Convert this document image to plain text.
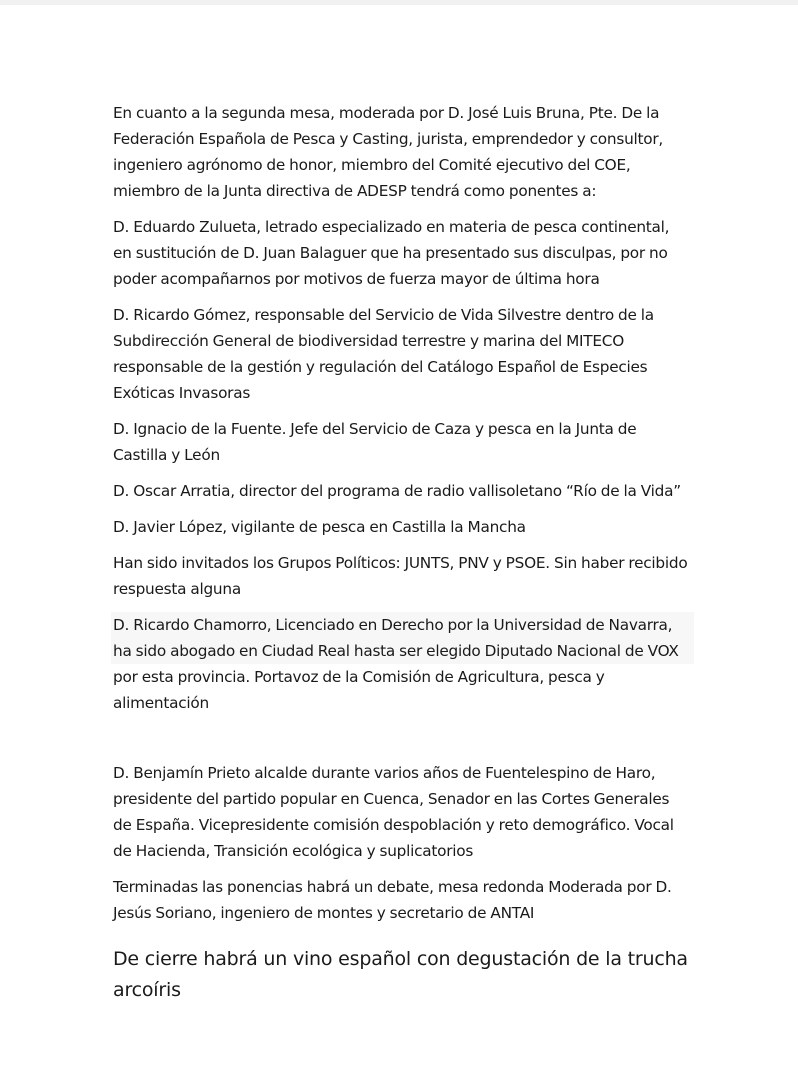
En cuanto a la segunda mesa, moderada por D. José Luis Bruna, Pte. De la Federación Española de Pesca y Casting, jurista, emprendedor y consultor, ingeniero agrónomo de honor, miembro del Comité ejecutivo del COE, miembro de la Junta directiva de ADESP tendrá como ponentes a:

D. Eduardo Zulueta, letrado especializado en materia de pesca continental, en sustitución de D. Juan Balaguer que ha presentado sus disculpas, por no poder acompañarnos por motivos de fuerza mayor de última hora

D. Ricardo Gómez, responsable del Servicio de Vida Silvestre dentro de la Subdirección General de biodiversidad terrestre y marina del MITECO responsable de la gestión y regulación del Catálogo Español de Especies Exóticas Invasoras

D. Ignacio de la Fuente. Jefe del Servicio de Caza y pesca en la Junta de Castilla y León

D. Oscar Arratia, director del programa de radio vallisoletano “Río de la Vida”

D. Javier López, vigilante de pesca en Castilla la Mancha

Han sido invitados los Grupos Políticos: JUNTS, PNV y PSOE. Sin haber recibido respuesta alguna

D. Ricardo Chamorro, Licenciado en Derecho por la Universidad de Navarra,
ha sido abogado en Ciudad Real hasta ser elegido Diputado Nacional de VOX
por esta provincia. Portavoz de la Comisión de Agricultura, pesca y alimentación

D. Benjamín Prieto alcalde durante varios años de Fuentelespino de Haro, presidente del partido popular en Cuenca, Senador en las Cortes Generales de España. Vicepresidente comisión despoblación y reto demográfico. Vocal de Hacienda, Transición ecológica y suplicatorios

Terminadas las ponencias habrá un debate, mesa redonda Moderada por D. Jesús Soriano, ingeniero de montes y secretario de ANTAI

De cierre habrá un vino español con degustación de la trucha arcoíris
